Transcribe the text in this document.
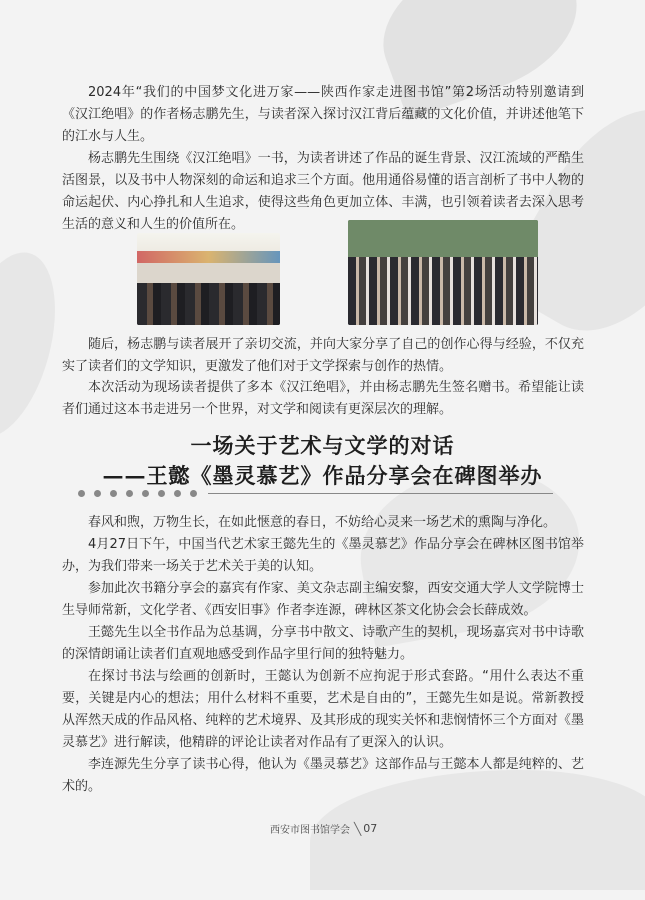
2024年“我们的中国梦文化进万家——陕西作家走进图书馆”第2场活动特别邀请到《汉江绝唱》的作者杨志鹏先生，与读者深入探讨汉江背后蕴藏的文化价值，并讲述他笔下的江水与人生。

杨志鹏先生围绕《汉江绝唱》一书，为读者讲述了作品的诞生背景、汉江流域的严酷生活图景，以及书中人物深刻的命运和追求三个方面。他用通俗易懂的语言剖析了书中人物的命运起伏、内心挣扎和人生追求，使得这些角色更加立体、丰满，也引领着读者去深入思考生活的意义和人生的价值所在。

随后，杨志鹏与读者展开了亲切交流，并向大家分享了自己的创作心得与经验，不仅充实了读者们的文学知识，更激发了他们对于文学探索与创作的热情。

本次活动为现场读者提供了多本《汉江绝唱》，并由杨志鹏先生签名赠书。希望能让读者们通过这本书走进另一个世界，对文学和阅读有更深层次的理解。

一场关于艺术与文学的对话
——王懿《墨灵慕艺》作品分享会在碑图举办

春风和煦，万物生长，在如此惬意的春日，不妨给心灵来一场艺术的熏陶与净化。

4月27日下午，中国当代艺术家王懿先生的《墨灵慕艺》作品分享会在碑林区图书馆举办，为我们带来一场关于艺术关于美的认知。

参加此次书籍分享会的嘉宾有作家、美文杂志副主编安黎，西安交通大学人文学院博士生导师常新，文化学者、《西安旧事》作者李连源，碑林区茶文化协会会长薛成效。

王懿先生以全书作品为总基调，分享书中散文、诗歌产生的契机，现场嘉宾对书中诗歌的深情朗诵让读者们直观地感受到作品字里行间的独特魅力。

在探讨书法与绘画的创新时，王懿认为创新不应拘泥于形式套路。“用什么表达不重要，关键是内心的想法；用什么材料不重要，艺术是自由的”，王懿先生如是说。常新教授从浑然天成的作品风格、纯粹的艺术境界、及其形成的现实关怀和悲悯情怀三个方面对《墨灵慕艺》进行解读，他精辟的评论让读者对作品有了更深入的认识。

李连源先生分享了读书心得，他认为《墨灵慕艺》这部作品与王懿本人都是纯粹的、艺术的。

西安市图书馆学会 ╲ 07
